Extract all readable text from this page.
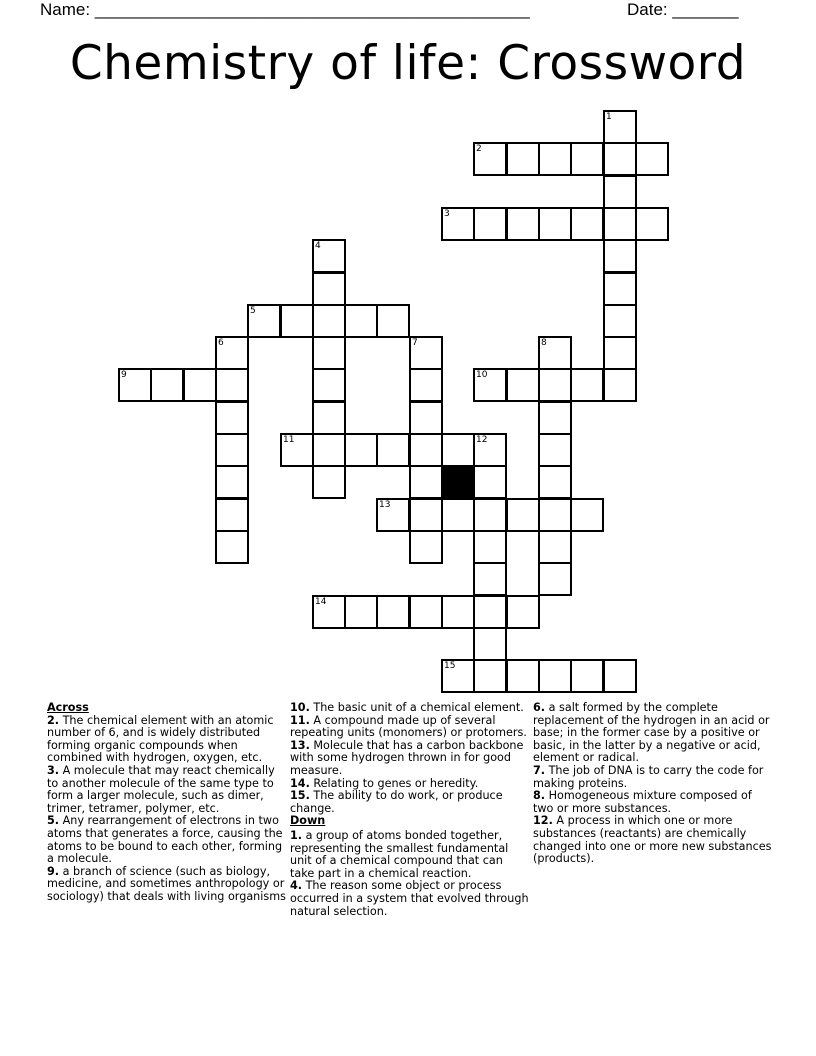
Name: ______________________________________________	Date: _______
Chemistry of life: Crossword
1
2
3
4
5
6	7	8
9	10
11	12
13
14
15
Across
2. The chemical element with an atomic number of 6, and is widely distributed forming organic compounds when combined with hydrogen, oxygen, etc.
3. A molecule that may react chemically to another molecule of the same type to form a larger molecule, such as dimer, trimer, tetramer, polymer, etc.
5. Any rearrangement of electrons in two atoms that generates a force, causing the atoms to be bound to each other, forming a molecule.
9. a branch of science (such as biology, medicine, and sometimes anthropology or sociology) that deals with living organisms
10. The basic unit of a chemical element.
11. A compound made up of several repeating units (monomers) or protomers.
13. Molecule that has a carbon backbone with some hydrogen thrown in for good measure.
14. Relating to genes or heredity.
15. The ability to do work, or produce change.
Down
1. a group of atoms bonded together, representing the smallest fundamental unit of a chemical compound that can take part in a chemical reaction.
4. The reason some object or process occurred in a system that evolved through natural selection.
6. a salt formed by the complete replacement of the hydrogen in an acid or base; in the former case by a positive or basic, in the latter by a negative or acid, element or radical.
7. The job of DNA is to carry the code for making proteins.
8. Homogeneous mixture composed of two or more substances.
12. A process in which one or more substances (reactants) are chemically changed into one or more new substances (products).
